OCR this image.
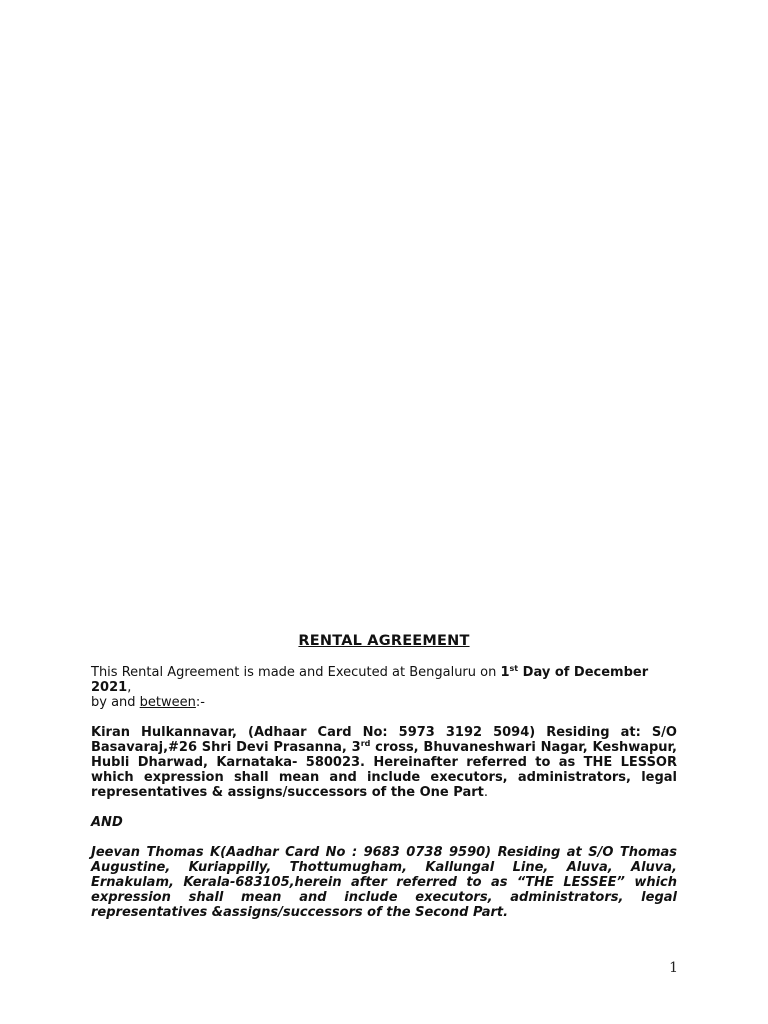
RENTAL AGREEMENT
This Rental Agreement is made and Executed at Bengaluru on 1st Day of December 2021,
by and between:-
Kiran Hulkannavar, (Adhaar Card No: 5973 3192 5094) Residing at: S/O Basavaraj,#26 Shri Devi Prasanna, 3rd cross, Bhuvaneshwari Nagar, Keshwapur, Hubli Dharwad, Karnataka- 580023. Hereinafter referred to as THE LESSOR which expression shall mean and include executors, administrators, legal representatives & assigns/successors of the One Part.
AND
Jeevan Thomas K(Aadhar Card No : 9683 0738 9590) Residing at S/O Thomas Augustine, Kuriappilly, Thottumugham, Kallungal Line, Aluva, Aluva, Ernakulam, Kerala-683105,herein after referred to as “THE LESSEE” which expression shall mean and include executors, administrators, legal representatives &assigns/successors of the Second Part.
1
